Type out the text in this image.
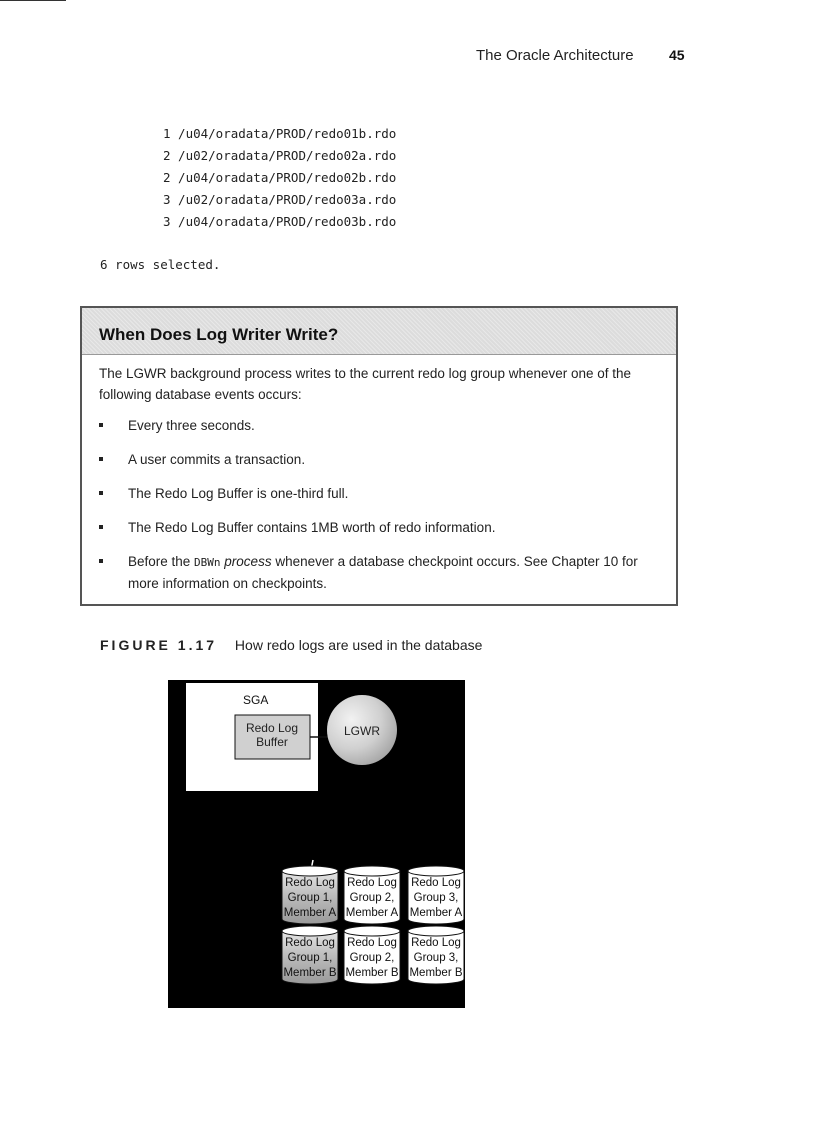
The Oracle Architecture	45
1 /u04/oradata/PROD/redo01b.rdo
2 /u02/oradata/PROD/redo02a.rdo
2 /u04/oradata/PROD/redo02b.rdo
3 /u02/oradata/PROD/redo03a.rdo
3 /u04/oradata/PROD/redo03b.rdo

6 rows selected.

When Does Log Writer Write?

The LGWR background process writes to the current redo log group whenever one of the following database events occurs:

Every three seconds.
A user commits a transaction.
The Redo Log Buffer is one-third full.
The Redo Log Buffer contains 1MB worth of redo information.
Before the DBWn process whenever a database checkpoint occurs. See Chapter 10 for more information on checkpoints.
FIGURE 1.17 How redo logs are used in the database
SGA
Redo Log
Buffer
LGWR
Redo Log
Group 1,
Member A
Redo Log
Group 2,
Member A
Redo Log
Group 3,
Member A
Redo Log
Group 1,
Member B
Redo Log
Group 2,
Member B
Redo Log
Group 3,
Member B
